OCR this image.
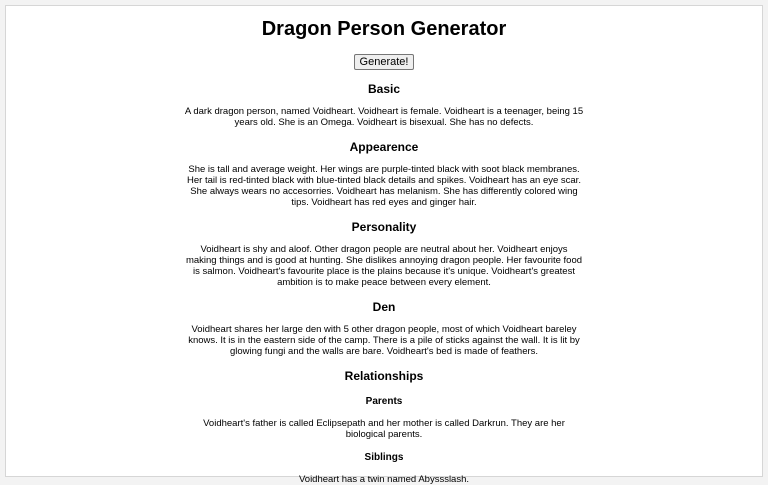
Dragon Person Generator
Generate!
Basic

A dark dragon person, named Voidheart. Voidheart is female. Voidheart is a teenager, being 15 years old. She is an Omega. Voidheart is bisexual. She has no defects.

Appearence

She is tall and average weight. Her wings are purple-tinted black with soot black membranes. Her tail is red-tinted black with blue-tinted black details and spikes. Voidheart has an eye scar. She always wears no accesorries. Voidheart has melanism. She has differently colored wing tips. Voidheart has red eyes and ginger hair.

Personality

Voidheart is shy and aloof. Other dragon people are neutral about her. Voidheart enjoys making things and is good at hunting. She dislikes annoying dragon people. Her favourite food is salmon. Voidheart's favourite place is the plains because it's unique. Voidheart's greatest ambition is to make peace between every element.

Den

Voidheart shares her large den with 5 other dragon people, most of which Voidheart bareley knows. It is in the eastern side of the camp. There is a pile of sticks against the wall. It is lit by glowing fungi and the walls are bare. Voidheart's bed is made of feathers.

Relationships
Parents

Voidheart's father is called Eclipsepath and her mother is called Darkrun. They are her biological parents.

Siblings

Voidheart has a twin named Abyssslash.
